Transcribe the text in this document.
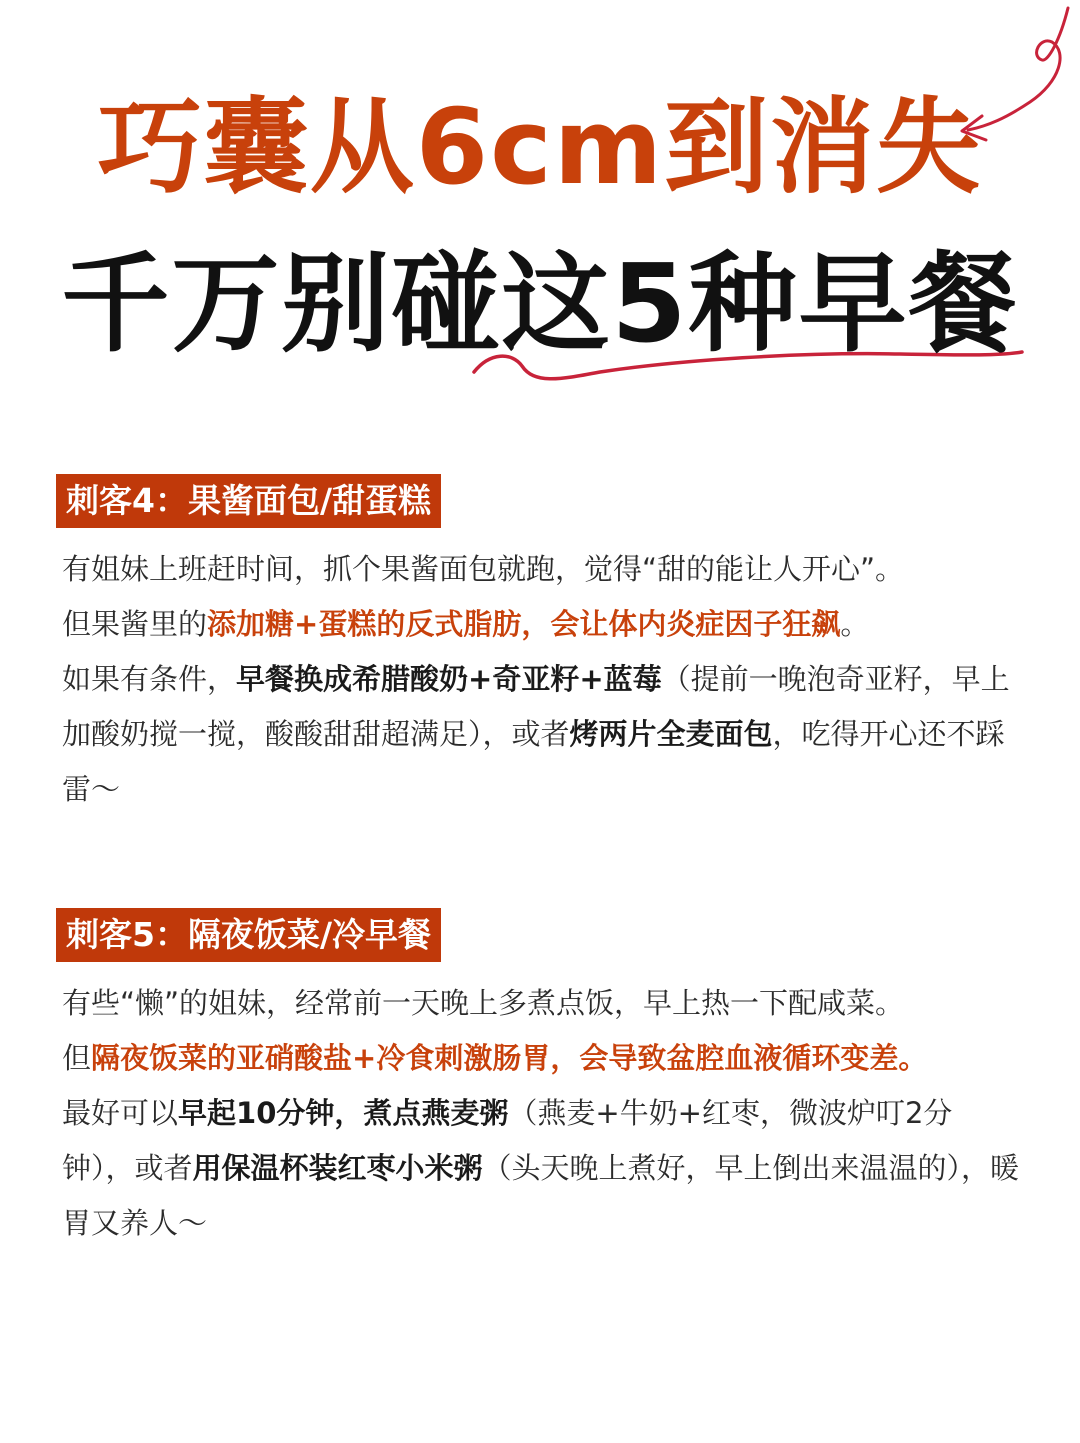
巧囊从6cm到消失
千万别碰这5种早餐
刺客4：果酱面包/甜蛋糕

有姐妹上班赶时间，抓个果酱面包就跑，觉得“甜的能让人开心”。

但果酱里的添加糖+蛋糕的反式脂肪，会让体内炎症因子狂飙。

如果有条件，早餐换成希腊酸奶+奇亚籽+蓝莓（提前一晚泡奇亚籽，早上加酸奶搅一搅，酸酸甜甜超满足），或者烤两片全麦面包，吃得开心还不踩雷～

刺客5：隔夜饭菜/冷早餐

有些“懒”的姐妹，经常前一天晚上多煮点饭，早上热一下配咸菜。

但隔夜饭菜的亚硝酸盐+冷食刺激肠胃，会导致盆腔血液循环变差。

最好可以早起10分钟，煮点燕麦粥（燕麦+牛奶+红枣，微波炉叮2分钟），或者用保温杯装红枣小米粥（头天晚上煮好，早上倒出来温温的），暖胃又养人～
